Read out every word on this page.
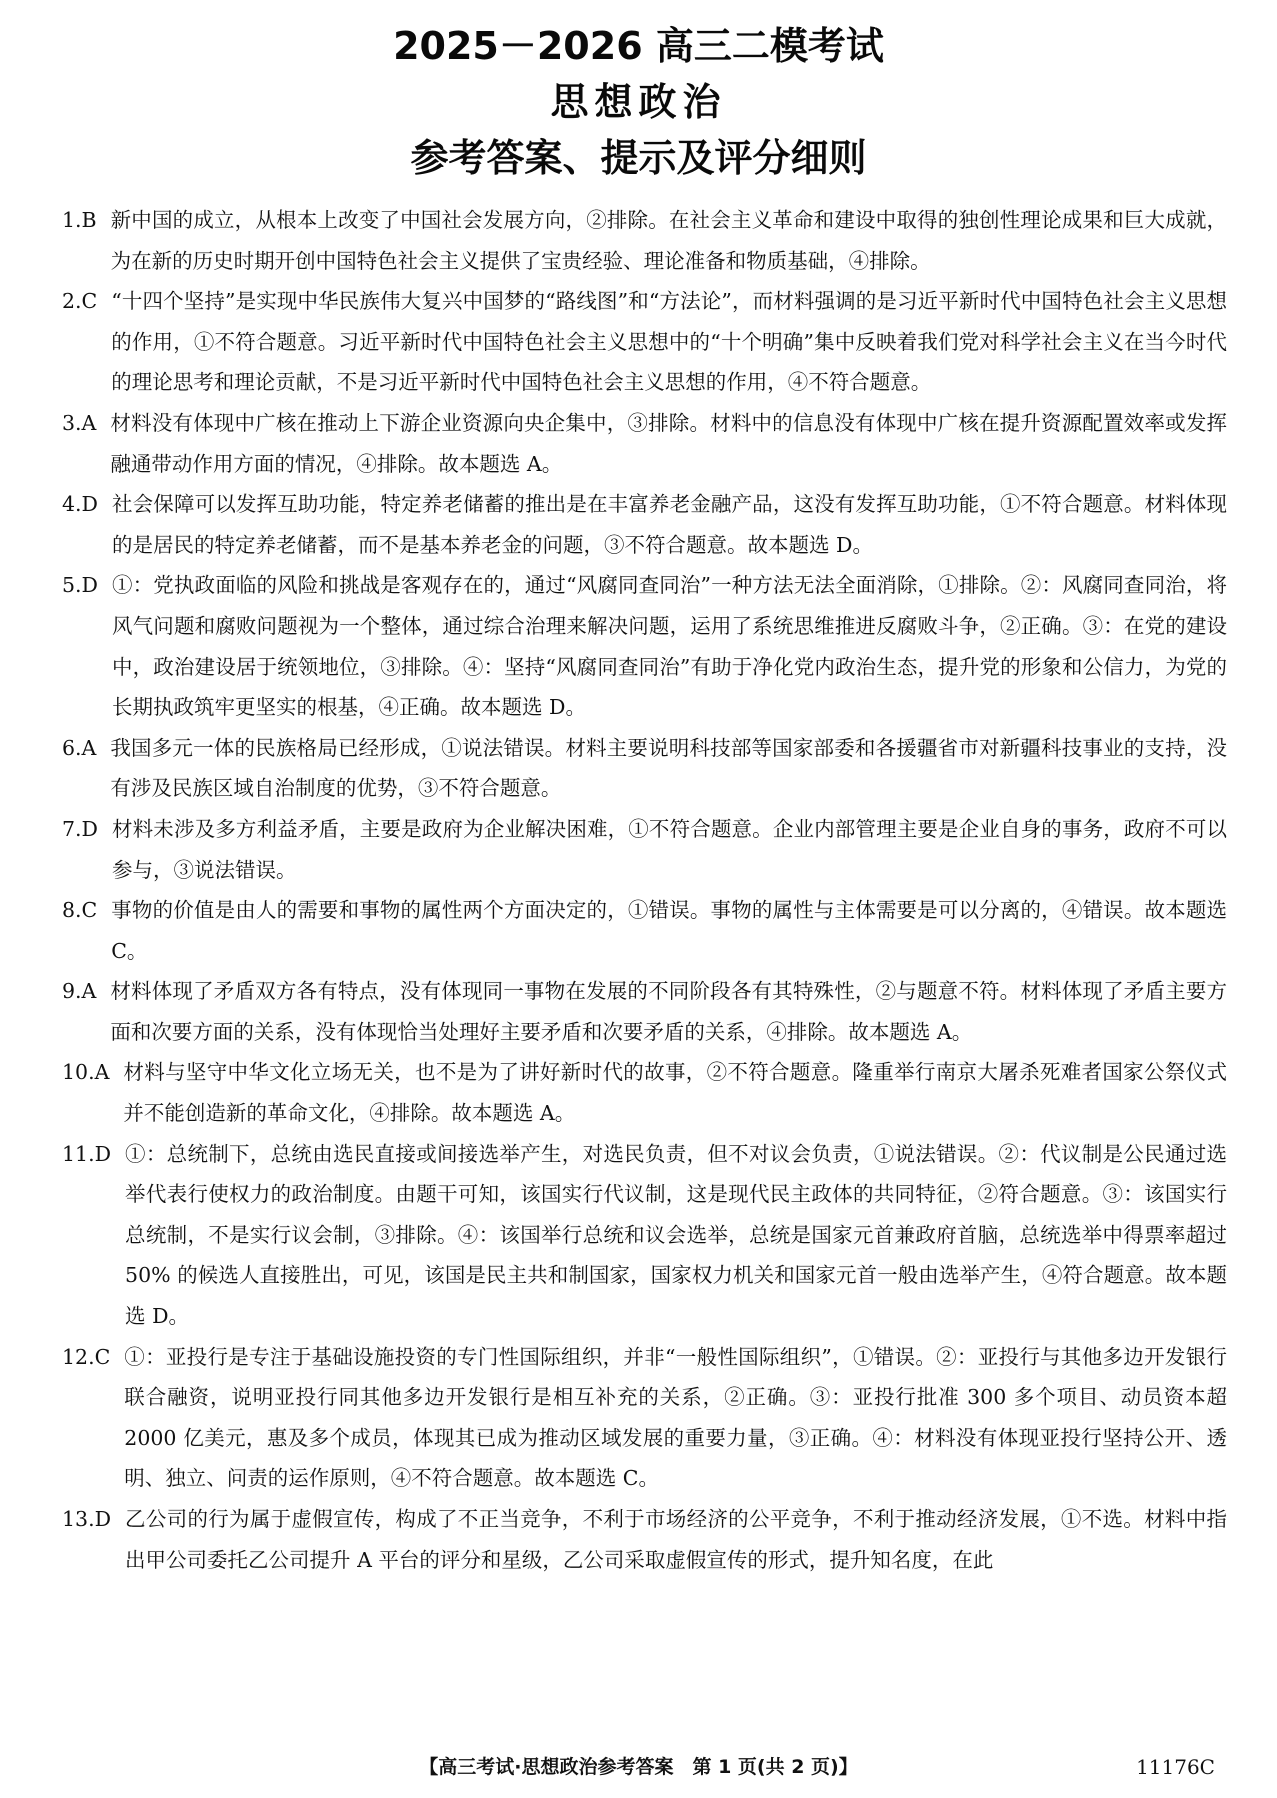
2025－2026 高三二模考试
思想政治
参考答案、提示及评分细则
1.B 新中国的成立，从根本上改变了中国社会发展方向，②排除。在社会主义革命和建设中取得的独创性理论成果和巨大成就，为在新的历史时期开创中国特色社会主义提供了宝贵经验、理论准备和物质基础，④排除。
2.C “十四个坚持”是实现中华民族伟大复兴中国梦的“路线图”和“方法论”，而材料强调的是习近平新时代中国特色社会主义思想的作用，①不符合题意。习近平新时代中国特色社会主义思想中的“十个明确”集中反映着我们党对科学社会主义在当今时代的理论思考和理论贡献，不是习近平新时代中国特色社会主义思想的作用，④不符合题意。
3.A 材料没有体现中广核在推动上下游企业资源向央企集中，③排除。材料中的信息没有体现中广核在提升资源配置效率或发挥融通带动作用方面的情况，④排除。故本题选 A。
4.D 社会保障可以发挥互助功能，特定养老储蓄的推出是在丰富养老金融产品，这没有发挥互助功能，①不符合题意。材料体现的是居民的特定养老储蓄，而不是基本养老金的问题，③不符合题意。故本题选 D。
5.D ①：党执政面临的风险和挑战是客观存在的，通过“风腐同查同治”一种方法无法全面消除，①排除。②：风腐同查同治，将风气问题和腐败问题视为一个整体，通过综合治理来解决问题，运用了系统思维推进反腐败斗争，②正确。③：在党的建设中，政治建设居于统领地位，③排除。④：坚持“风腐同查同治”有助于净化党内政治生态，提升党的形象和公信力，为党的长期执政筑牢更坚实的根基，④正确。故本题选 D。
6.A 我国多元一体的民族格局已经形成，①说法错误。材料主要说明科技部等国家部委和各援疆省市对新疆科技事业的支持，没有涉及民族区域自治制度的优势，③不符合题意。
7.D 材料未涉及多方利益矛盾，主要是政府为企业解决困难，①不符合题意。企业内部管理主要是企业自身的事务，政府不可以参与，③说法错误。
8.C 事物的价值是由人的需要和事物的属性两个方面决定的，①错误。事物的属性与主体需要是可以分离的，④错误。故本题选 C。
9.A 材料体现了矛盾双方各有特点，没有体现同一事物在发展的不同阶段各有其特殊性，②与题意不符。材料体现了矛盾主要方面和次要方面的关系，没有体现恰当处理好主要矛盾和次要矛盾的关系，④排除。故本题选 A。
10.A 材料与坚守中华文化立场无关，也不是为了讲好新时代的故事，②不符合题意。隆重举行南京大屠杀死难者国家公祭仪式并不能创造新的革命文化，④排除。故本题选 A。
11.D ①：总统制下，总统由选民直接或间接选举产生，对选民负责，但不对议会负责，①说法错误。②：代议制是公民通过选举代表行使权力的政治制度。由题干可知，该国实行代议制，这是现代民主政体的共同特征，②符合题意。③：该国实行总统制，不是实行议会制，③排除。④：该国举行总统和议会选举，总统是国家元首兼政府首脑，总统选举中得票率超过 50% 的候选人直接胜出，可见，该国是民主共和制国家，国家权力机关和国家元首一般由选举产生，④符合题意。故本题选 D。
12.C ①：亚投行是专注于基础设施投资的专门性国际组织，并非“一般性国际组织”，①错误。②：亚投行与其他多边开发银行联合融资，说明亚投行同其他多边开发银行是相互补充的关系，②正确。③：亚投行批准 300 多个项目、动员资本超 2000 亿美元，惠及多个成员，体现其已成为推动区域发展的重要力量，③正确。④：材料没有体现亚投行坚持公开、透明、独立、问责的运作原则，④不符合题意。故本题选 C。
13.D 乙公司的行为属于虚假宣传，构成了不正当竞争，不利于市场经济的公平竞争，不利于推动经济发展，①不选。材料中指出甲公司委托乙公司提升 A 平台的评分和星级，乙公司采取虚假宣传的形式，提升知名度，在此
【高三考试·思想政治参考答案　第 1 页(共 2 页)】	11176C
